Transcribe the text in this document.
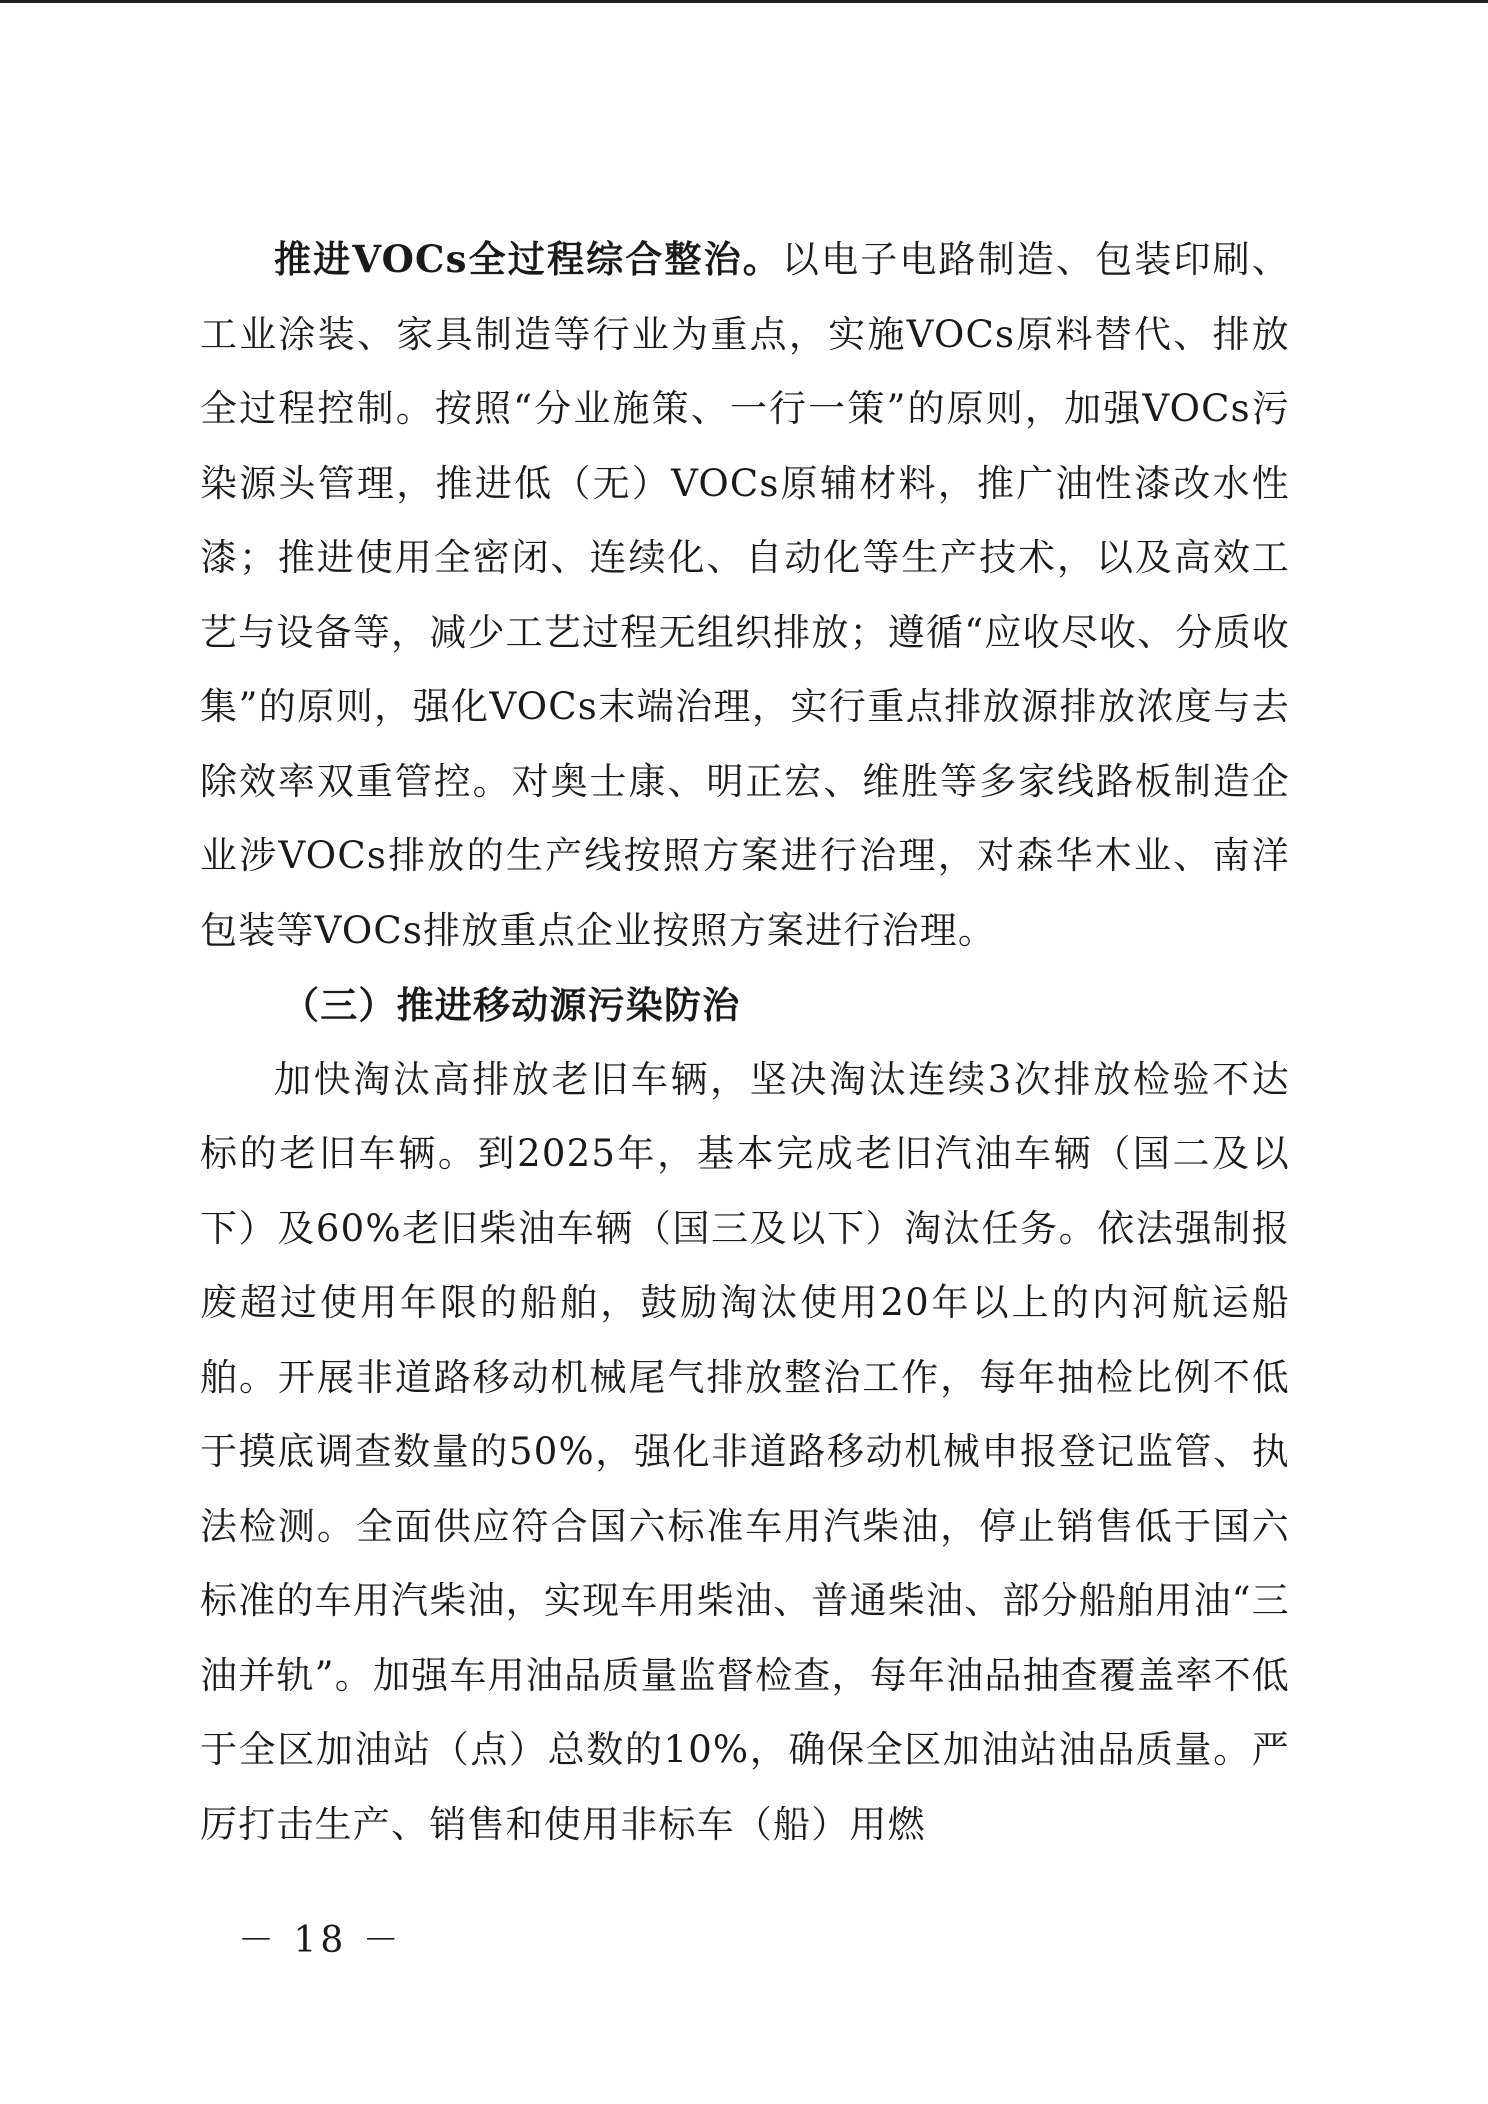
推进VOCs全过程综合整治。以电子电路制造、包装印刷、工业涂装、家具制造等行业为重点，实施VOCs原料替代、排放全过程控制。按照“分业施策、一行一策”的原则，加强VOCs污染源头管理，推进低（无）VOCs原辅材料，推广油性漆改水性漆；推进使用全密闭、连续化、自动化等生产技术，以及高效工艺与设备等，减少工艺过程无组织排放；遵循“应收尽收、分质收集”的原则，强化VOCs末端治理，实行重点排放源排放浓度与去除效率双重管控。对奥士康、明正宏、维胜等多家线路板制造企业涉VOCs排放的生产线按照方案进行治理，对森华木业、南洋包装等VOCs排放重点企业按照方案进行治理。

（三）推进移动源污染防治

加快淘汰高排放老旧车辆，坚决淘汰连续3次排放检验不达标的老旧车辆。到2025年，基本完成老旧汽油车辆（国二及以下）及60%老旧柴油车辆（国三及以下）淘汰任务。依法强制报废超过使用年限的船舶，鼓励淘汰使用20年以上的内河航运船舶。开展非道路移动机械尾气排放整治工作，每年抽检比例不低于摸底调查数量的50%，强化非道路移动机械申报登记监管、执法检测。全面供应符合国六标准车用汽柴油，停止销售低于国六标准的车用汽柴油，实现车用柴油、普通柴油、部分船舶用油“三油并轨”。加强车用油品质量监督检查，每年油品抽查覆盖率不低于全区加油站（点）总数的10%，确保全区加油站油品质量。严厉打击生产、销售和使用非标车（船）用燃

－ 18 －
